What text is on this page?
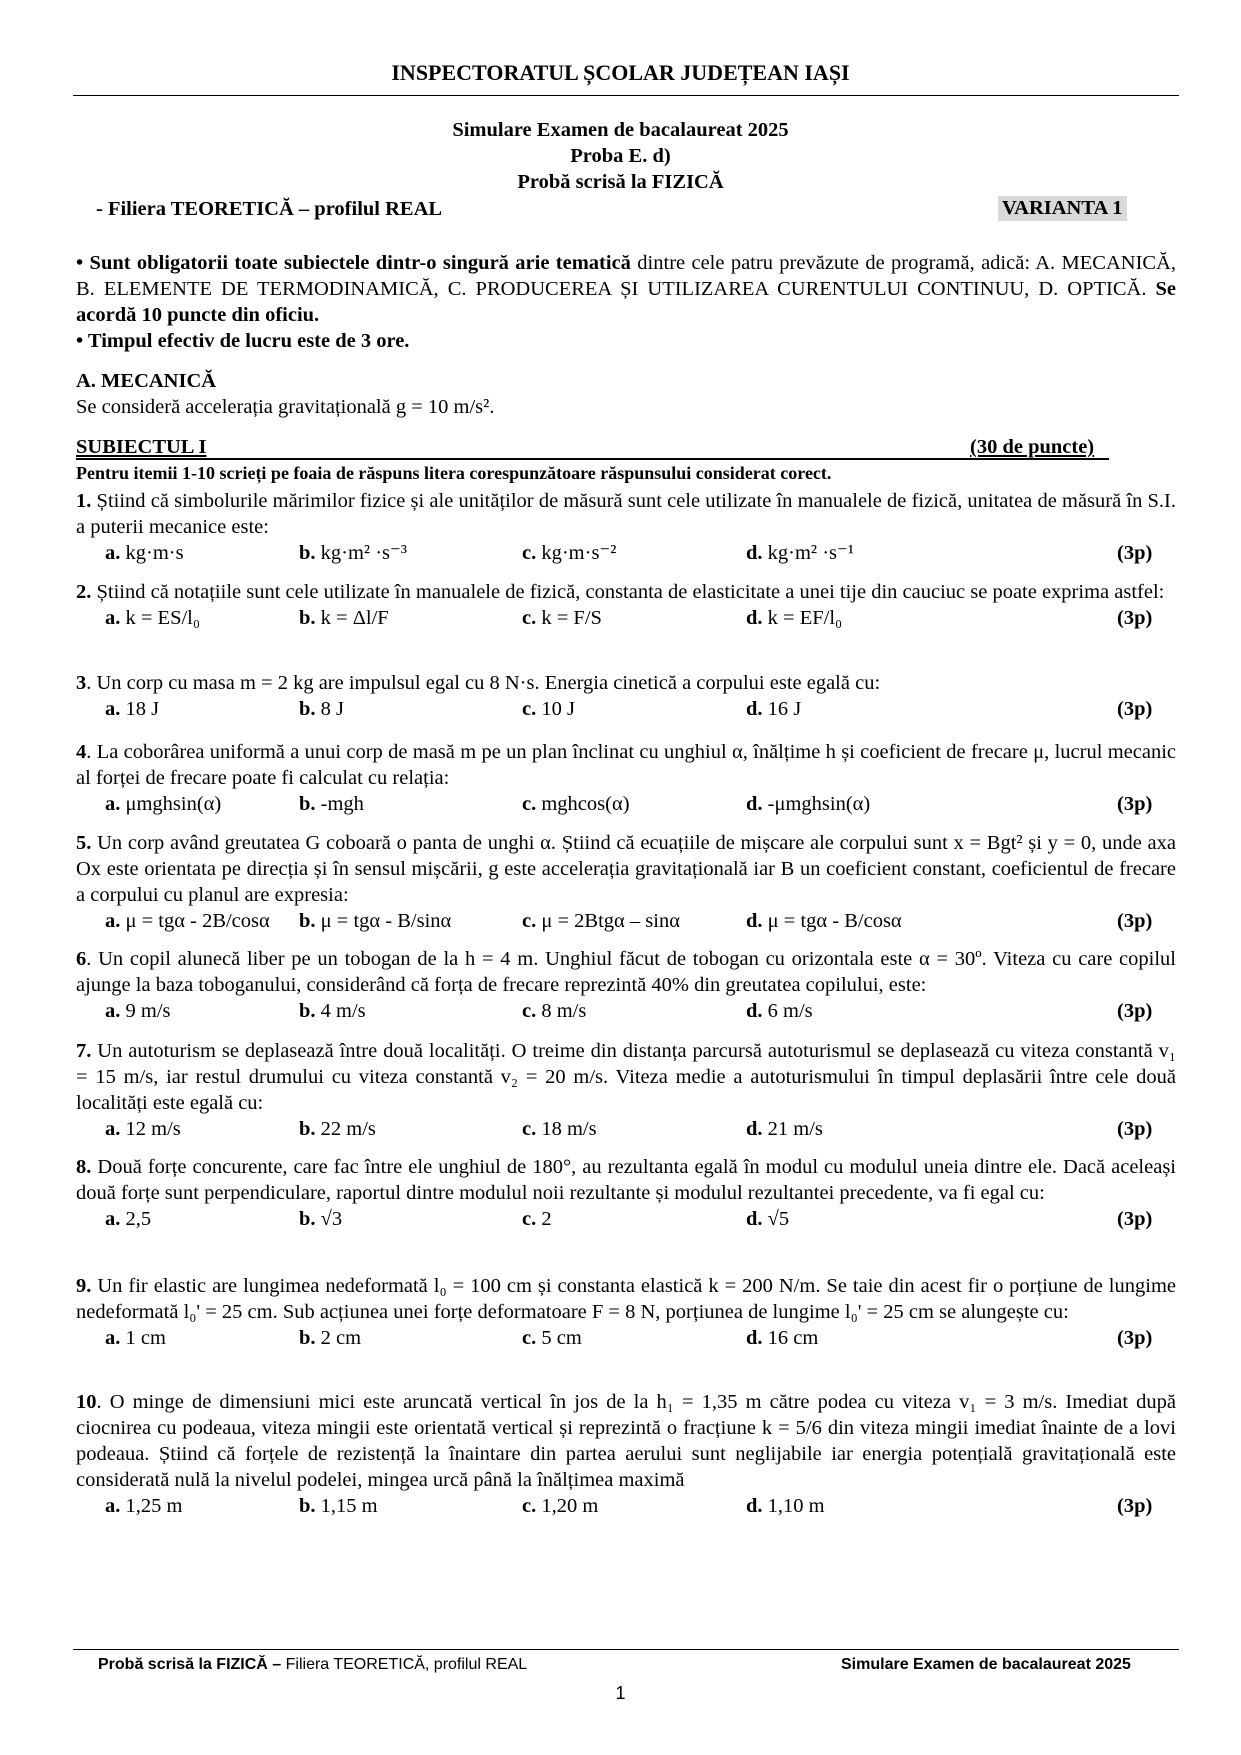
INSPECTORATUL ȘCOLAR JUDEȚEAN IAȘI
Simulare Examen de bacalaureat 2025
Proba E. d)
Probă scrisă la FIZICĂ
- Filiera TEORETICĂ – profilul REAL	VARIANTA 1
• Sunt obligatorii toate subiectele dintr-o singură arie tematică dintre cele patru prevăzute de programă, adică: A. MECANICĂ, B. ELEMENTE DE TERMODINAMICĂ, C. PRODUCEREA ȘI UTILIZAREA CURENTULUI CONTINUU, D. OPTICĂ. Se acordă 10 puncte din oficiu.
• Timpul efectiv de lucru este de 3 ore.
A. MECANICĂ
Se consideră accelerația gravitațională g = 10 m/s².
SUBIECTUL I	(30 de puncte)
Pentru itemii 1-10 scrieți pe foaia de răspuns litera corespunzătoare răspunsului considerat corect.
1. Știind că simbolurile mărimilor fizice și ale unităților de măsură sunt cele utilizate în manualele de fizică, unitatea de măsură în S.I. a puterii mecanice este:
a. kg·m·s	b. kg·m² ·s⁻³	c. kg·m·s⁻²	d. kg·m² ·s⁻¹	(3p)
2. Știind că notațiile sunt cele utilizate în manualele de fizică, constanta de elasticitate a unei tije din cauciuc se poate exprima astfel:
a. k = ES/l₀	b. k = Δl/F	c. k = F/S	d. k = EF/l₀	(3p)
3. Un corp cu masa m = 2 kg are impulsul egal cu 8 N·s. Energia cinetică a corpului este egală cu:
a. 18 J	b. 8 J	c. 10 J	d. 16 J	(3p)
4. La coborârea uniformă a unui corp de masă m pe un plan înclinat cu unghiul α, înălțime h și coeficient de frecare μ, lucrul mecanic al forței de frecare poate fi calculat cu relația:
a. μmghsin(α)	b. -mgh	c. mghcos(α)	d. -μmghsin(α)	(3p)
5. Un corp având greutatea G coboară o panta de unghi α. Știind că ecuațiile de mișcare ale corpului sunt x = Bgt² și y = 0, unde axa Ox este orientata pe direcția și în sensul mișcării, g este accelerația gravitațională iar B un coeficient constant, coeficientul de frecare a corpului cu planul are expresia:
a. μ = tgα - 2B/cosα b. μ = tgα - B/sinα	c. μ = 2Btgα – sinα	d. μ = tgα - B/cosα	(3p)
6. Un copil alunecă liber pe un tobogan de la h = 4 m. Unghiul făcut de tobogan cu orizontala este α = 30º. Viteza cu care copilul ajunge la baza toboganului, considerând că forța de frecare reprezintă 40% din greutatea copilului, este:
a. 9 m/s	b. 4 m/s	c. 8 m/s	d. 6 m/s	(3p)
7. Un autoturism se deplasează între două localități. O treime din distanța parcursă autoturismul se deplasează cu viteza constantă v₁ = 15 m/s, iar restul drumului cu viteza constantă v₂ = 20 m/s. Viteza medie a autoturismului în timpul deplasării între cele două localități este egală cu:
a. 12 m/s	b. 22 m/s	c. 18 m/s	d. 21 m/s	(3p)
8. Două forțe concurente, care fac între ele unghiul de 180°, au rezultanta egală în modul cu modulul uneia dintre ele. Dacă aceleași două forțe sunt perpendiculare, raportul dintre modulul noii rezultante și modulul rezultantei precedente, va fi egal cu:
a. 2,5	b. √3	c. 2	d. √5	(3p)
9. Un fir elastic are lungimea nedeformată l₀ = 100 cm și constanta elastică k = 200 N/m. Se taie din acest fir o porțiune de lungime nedeformată l₀' = 25 cm. Sub acțiunea unei forțe deformatoare F = 8 N, porțiunea de lungime l₀' = 25 cm se alungește cu:
a. 1 cm	b. 2 cm	c. 5 cm	d. 16 cm	(3p)
10. O minge de dimensiuni mici este aruncată vertical în jos de la h₁ = 1,35 m către podea cu viteza v₁ = 3 m/s. Imediat după ciocnirea cu podeaua, viteza mingii este orientată vertical și reprezintă o fracțiune k = 5/6 din viteza mingii imediat înainte de a lovi podeaua. Știind că forțele de rezistență la înaintare din partea aerului sunt neglijabile iar energia potențială gravitațională este considerată nulă la nivelul podelei, mingea urcă până la înălțimea maximă
a. 1,25 m	b. 1,15 m	c. 1,20 m	d. 1,10 m	(3p)
Probă scrisă la FIZICĂ – Filiera TEORETICĂ, profilul REAL	Simulare Examen de bacalaureat 2025
1
